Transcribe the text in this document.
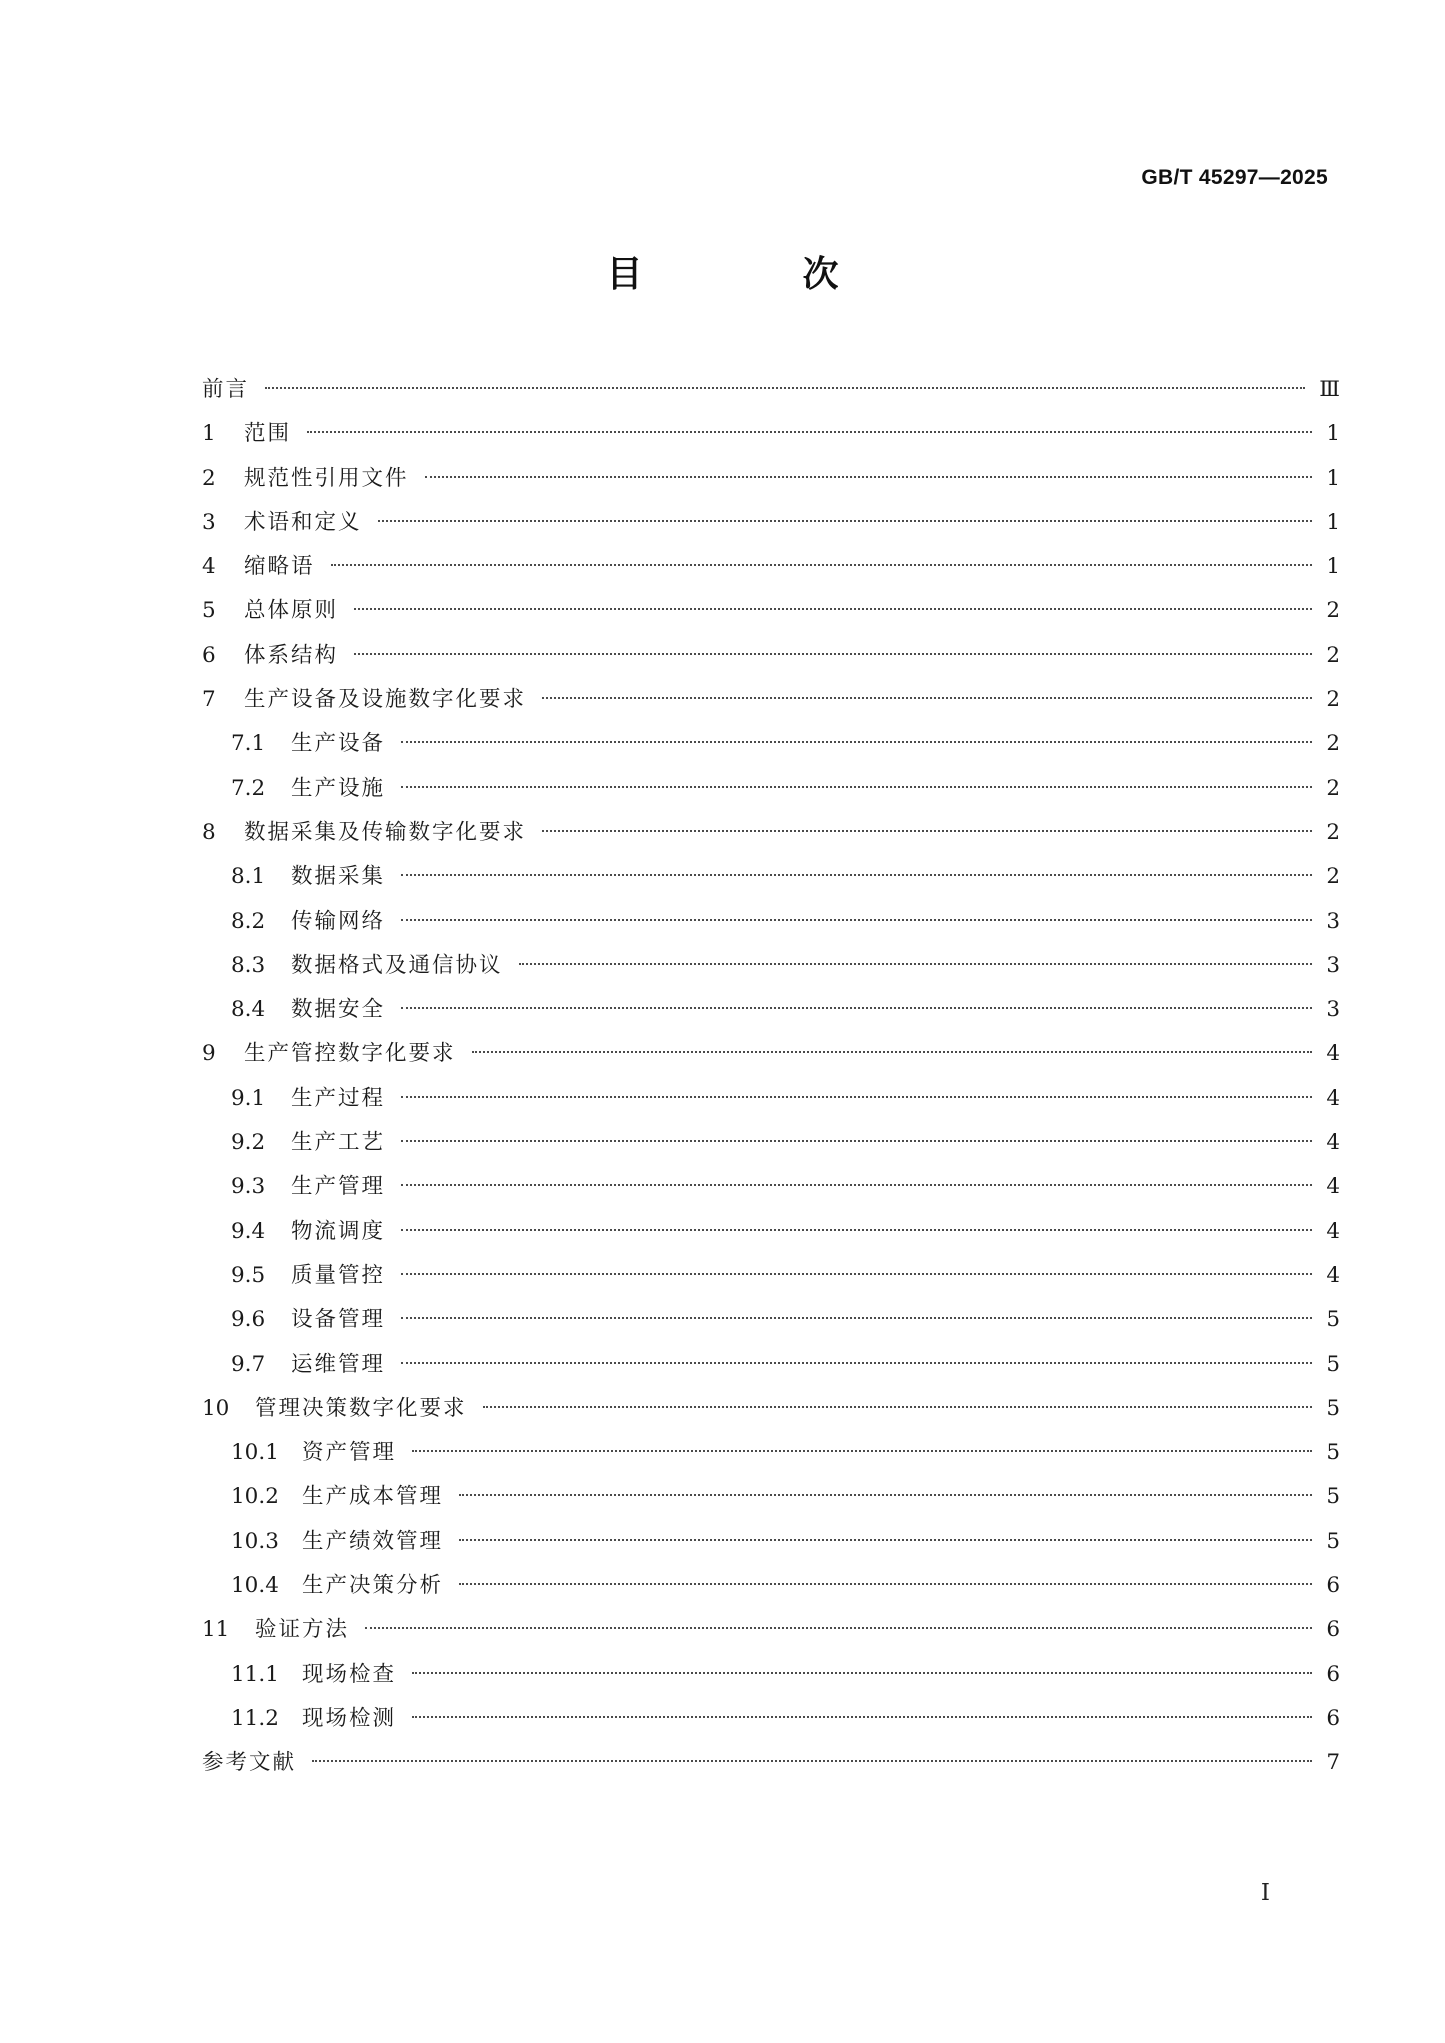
GB/T 45297—2025
目　次
前言	Ⅲ
1	范围	1
2	规范性引用文件	1
3	术语和定义	1
4	缩略语	1
5	总体原则	2
6	体系结构	2
7	生产设备及设施数字化要求	2
7.1	生产设备	2
7.2	生产设施	2
8	数据采集及传输数字化要求	2
8.1	数据采集	2
8.2	传输网络	3
8.3	数据格式及通信协议	3
8.4	数据安全	3
9	生产管控数字化要求	4
9.1	生产过程	4
9.2	生产工艺	4
9.3	生产管理	4
9.4	物流调度	4
9.5	质量管控	4
9.6	设备管理	5
9.7	运维管理	5
10	管理决策数字化要求	5
10.1	资产管理	5
10.2	生产成本管理	5
10.3	生产绩效管理	5
10.4	生产决策分析	6
11	验证方法	6
11.1	现场检查	6
11.2	现场检测	6
参考文献	7
Ⅰ
